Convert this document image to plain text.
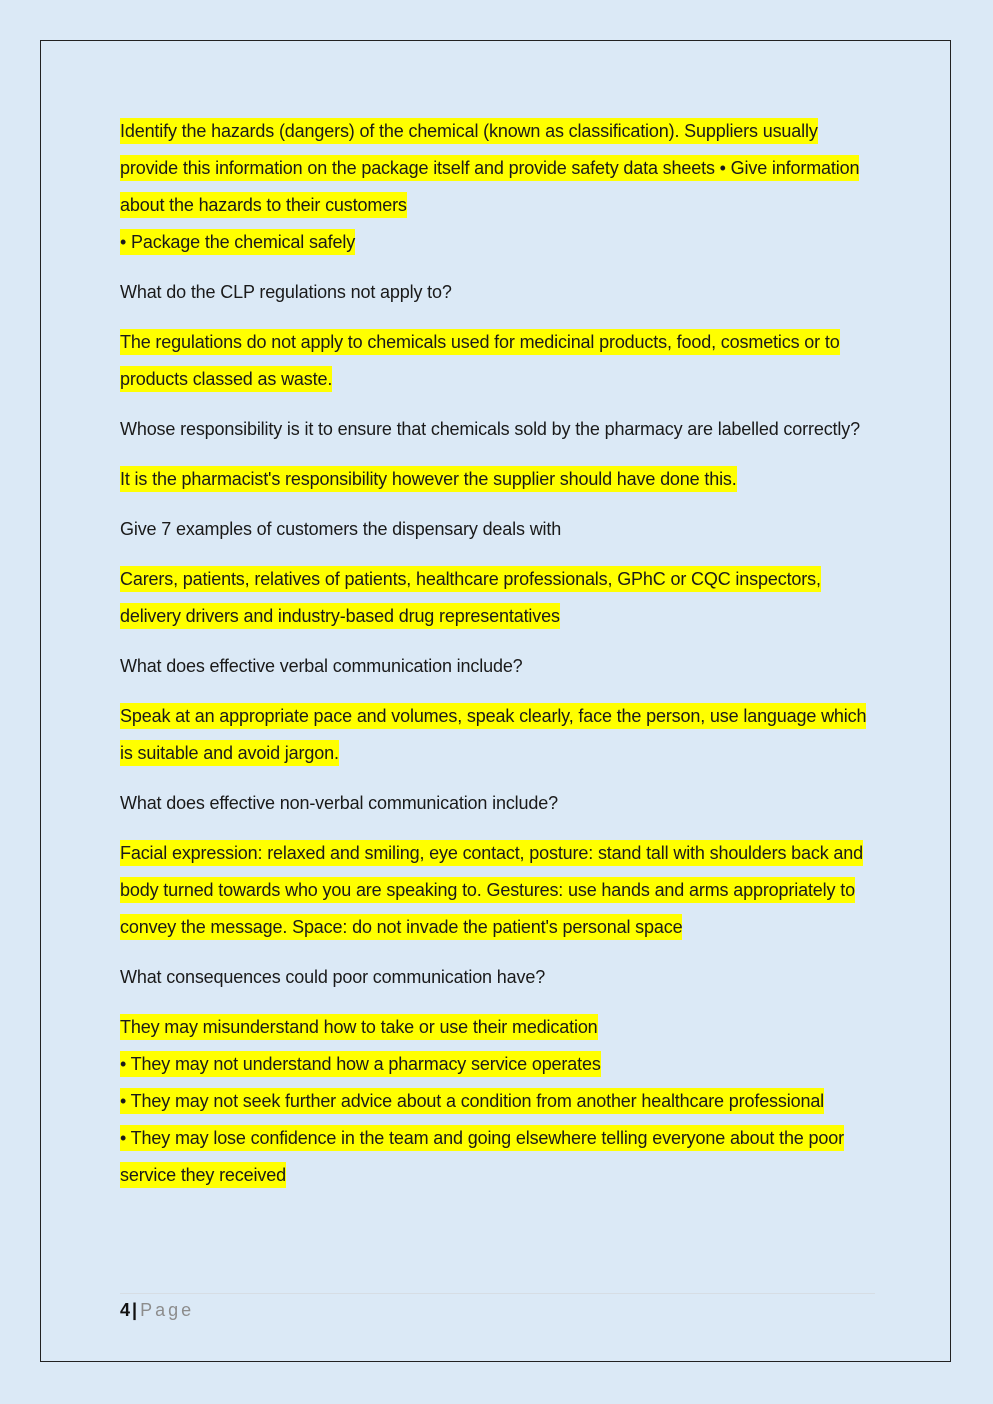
Identify the hazards (dangers) of the chemical (known as classification). Suppliers usually provide this information on the package itself and provide safety data sheets • Give information about the hazards to their customers
• Package the chemical safely
What do the CLP regulations not apply to?
The regulations do not apply to chemicals used for medicinal products, food, cosmetics or to products classed as waste.
Whose responsibility is it to ensure that chemicals sold by the pharmacy are labelled correctly?
It is the pharmacist's responsibility however the supplier should have done this.
Give 7 examples of customers the dispensary deals with
Carers, patients, relatives of patients, healthcare professionals, GPhC or CQC inspectors, delivery drivers and industry-based drug representatives
What does effective verbal communication include?
Speak at an appropriate pace and volumes, speak clearly, face the person, use language which is suitable and avoid jargon.
What does effective non-verbal communication include?
Facial expression: relaxed and smiling, eye contact, posture: stand tall with shoulders back and body turned towards who you are speaking to. Gestures: use hands and arms appropriately to convey the message. Space: do not invade the patient's personal space
What consequences could poor communication have?
They may misunderstand how to take or use their medication
• They may not understand how a pharmacy service operates
• They may not seek further advice about a condition from another healthcare professional
• They may lose confidence in the team and going elsewhere telling everyone about the poor service they received
4 | Page
